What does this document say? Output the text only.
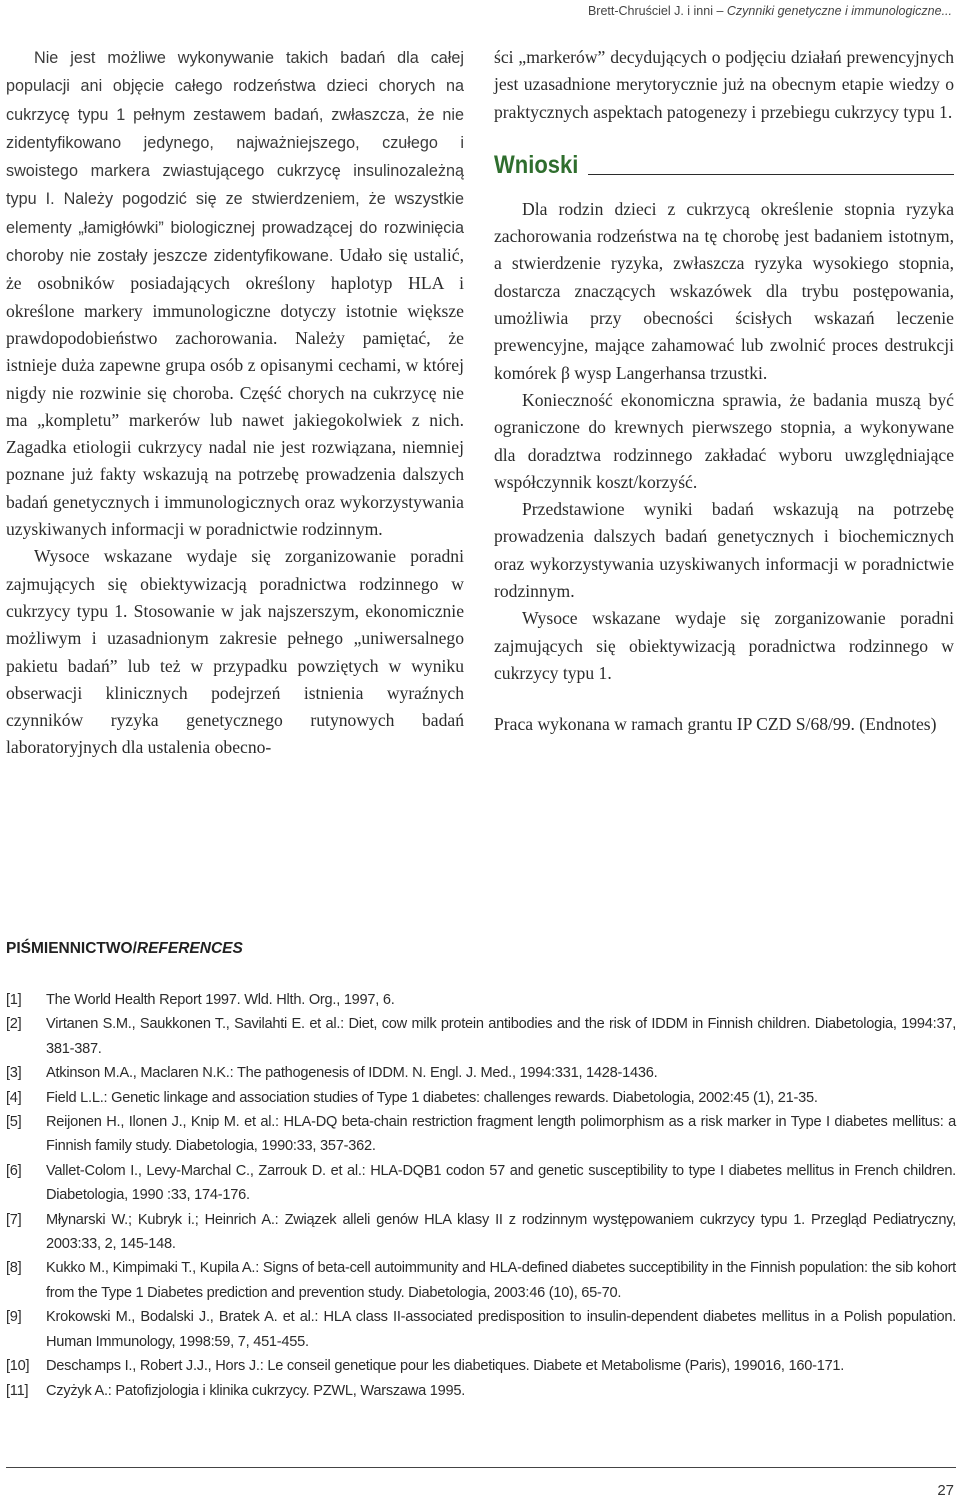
Brett-Chruściel J. i inni – Czynniki genetyczne i immunologiczne...

Nie jest możliwe wykonywanie takich badań dla całej populacji ani objęcie całego rodzeństwa dzieci chorych na cukrzycę typu 1 pełnym zestawem badań, zwłaszcza, że nie zidentyfikowano jedynego, najważniejszego, czułego i swoistego markera zwiastującego cukrzycę insulinozależną typu I. Należy pogodzić się ze stwierdzeniem, że wszystkie elementy „łamigłówki” biologicznej prowadzącej do rozwinięcia choroby nie zostały jeszcze zidentyfikowane. Udało się ustalić, że osobników posiadających określony haplotyp HLA i określone markery immunologiczne dotyczy istotnie większe prawdopodobieństwo zachorowania. Należy pamiętać, że istnieje duża zapewne grupa osób z opisanymi cechami, w której nigdy nie rozwinie się choroba. Część chorych na cukrzycę nie ma „kompletu” markerów lub nawet jakiegokolwiek z nich. Zagadka etiologii cukrzycy nadal nie jest rozwiązana, niemniej poznane już fakty wskazują na potrzebę prowadzenia dalszych badań genetycznych i immunologicznych oraz wykorzystywania uzyskiwanych informacji w poradnictwie rodzinnym.

Wysoce wskazane wydaje się zorganizowanie poradni zajmujących się obiektywizacją poradnictwa rodzinnego w cukrzycy typu 1. Stosowanie w jak najszerszym, ekonomicznie możliwym i uzasadnionym zakresie pełnego „uniwersalnego pakietu badań” lub też w przypadku powziętych w wyniku obserwacji klinicznych podejrzeń istnienia wyraźnych czynników ryzyka genetycznego rutynowych badań laboratoryjnych dla ustalenia obecno-

ści „markerów” decydujących o podjęciu działań prewencyjnych jest uzasadnione merytorycznie już na obecnym etapie wiedzy o praktycznych aspektach patogenezy i przebiegu cukrzycy typu 1.

Wnioski

Dla rodzin dzieci z cukrzycą określenie stopnia ryzyka zachorowania rodzeństwa na tę chorobę jest badaniem istotnym, a stwierdzenie ryzyka, zwłaszcza ryzyka wysokiego stopnia, dostarcza znaczących wskazówek dla trybu postępowania, umożliwia przy obecności ścisłych wskazań leczenie prewencyjne, mające zahamować lub zwolnić proces destrukcji komórek β wysp Langerhansa trzustki.

Konieczność ekonomiczna sprawia, że badania muszą być ograniczone do krewnych pierwszego stopnia, a wykonywane dla doradztwa rodzinnego zakładać wyboru uwzględniające współczynnik koszt/korzyść.

Przedstawione wyniki badań wskazują na potrzebę prowadzenia dalszych badań genetycznych i biochemicznych oraz wykorzystywania uzyskiwanych informacji w poradnictwie rodzinnym.

Wysoce wskazane wydaje się zorganizowanie poradni zajmujących się obiektywizacją poradnictwa rodzinnego w cukrzycy typu 1.

Praca wykonana w ramach grantu IP CZD S/68/99. (Endnotes)

PIŚMIENNICTWO/REFERENCES
[1]	The World Health Report 1997. Wld. Hlth. Org., 1997, 6.
[2]	Virtanen S.M., Saukkonen T., Savilahti E. et al.: Diet, cow milk protein antibodies and the risk of IDDM in Finnish children. Diabetologia, 1994:37, 381-387.
[3]	Atkinson M.A., Maclaren N.K.: The pathogenesis of IDDM. N. Engl. J. Med., 1994:331, 1428-1436.
[4]	Field L.L.: Genetic linkage and association studies of Type 1 diabetes: challenges rewards. Diabetologia, 2002:45 (1), 21-35.
[5]	Reijonen H., Ilonen J., Knip M. et al.: HLA-DQ beta-chain restriction fragment length polimorphism as a risk marker in Type I diabetes mellitus: a Finnish family study. Diabetologia, 1990:33, 357-362.
[6]	Vallet-Colom I., Levy-Marchal C., Zarrouk D. et al.: HLA-DQB1 codon 57 and genetic susceptibility to type I diabetes mellitus in French children. Diabetologia, 1990 :33, 174-176.
[7]	Młynarski W.; Kubryk i.; Heinrich A.: Związek alleli genów HLA klasy II z rodzinnym występowaniem cukrzycy typu 1. Przegląd Pediatryczny, 2003:33, 2, 145-148.
[8]	Kukko M., Kimpimaki T., Kupila A.: Signs of beta-cell autoimmunity and HLA-defined diabetes succeptibility in the Finnish population: the sib kohort from the Type 1 Diabetes prediction and prevention study. Diabetologia, 2003:46 (10), 65-70.
[9]	Krokowski M., Bodalski J., Bratek A. et al.: HLA class II-associated predisposition to insulin-dependent diabetes mellitus in a Polish population. Human Immunology, 1998:59, 7, 451-455.
[10]	Deschamps I., Robert J.J., Hors J.: Le conseil genetique pour les diabetiques. Diabete et Metabolisme (Paris), 199016, 160-171.
[11]	Czyżyk A.: Patofizjologia i klinika cukrzycy. PZWL, Warszawa 1995.
27
